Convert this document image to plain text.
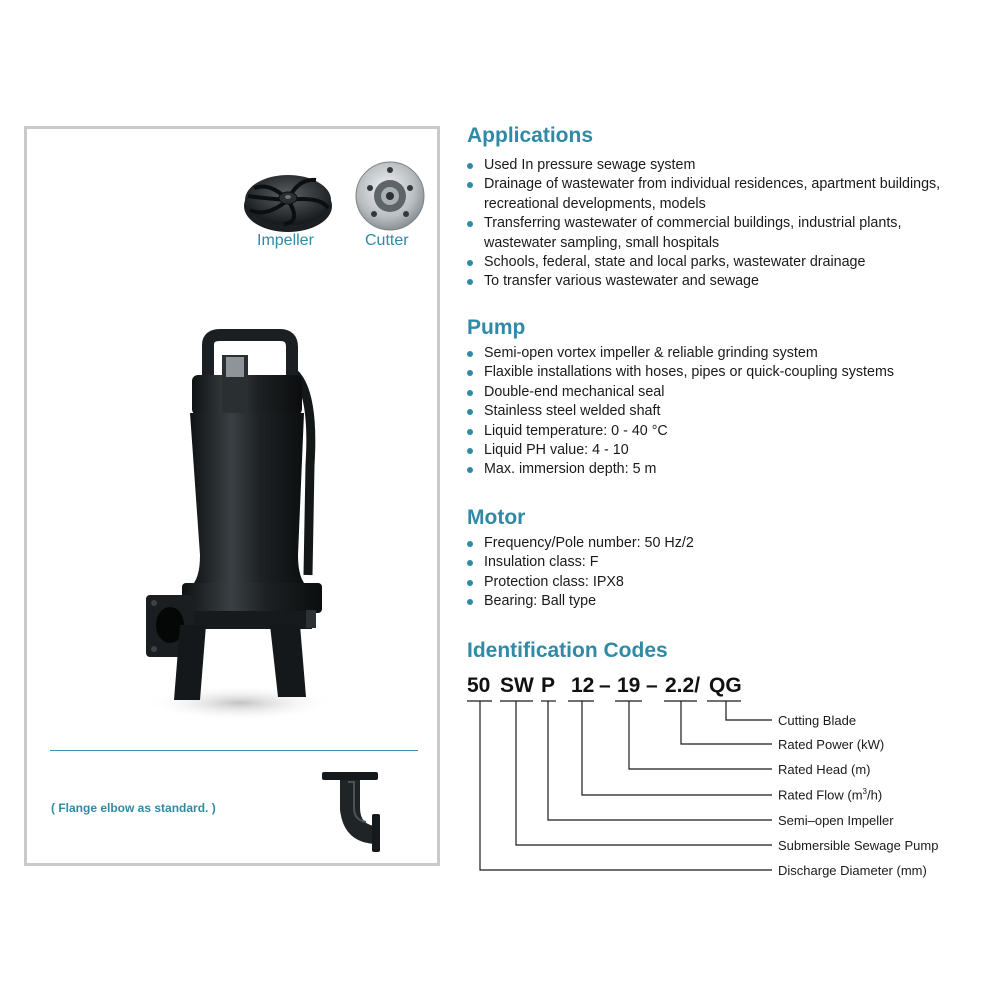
Impeller	Cutter
( Flange elbow as standard. )
Applications
Used In pressure sewage system
Drainage of wastewater from individual residences, apartment buildings, recreational developments, models
Transferring wastewater of commercial buildings, industrial plants, wastewater sampling, small hospitals
Schools, federal, state and local parks, wastewater drainage
To transfer various wastewater and sewage
Pump
Semi-open vortex impeller & reliable grinding system
Flaxible installations with hoses, pipes or quick-coupling systems
Double-end mechanical seal
Stainless steel welded shaft
Liquid temperature: 0 - 40 °C
Liquid PH value: 4 - 10
Max. immersion depth: 5 m
Motor
Frequency/Pole number: 50 Hz/2
Insulation class: F
Protection class: IPX8
Bearing: Ball type
Identification Codes
50 SW P 12 – 19 – 2.2/ QG
Cutting Blade
Rated Power (kW)
Rated Head (m)
Rated Flow $(m^3/h)$
Semi–open Impeller
Submersible Sewage Pump
Discharge Diameter (mm)
